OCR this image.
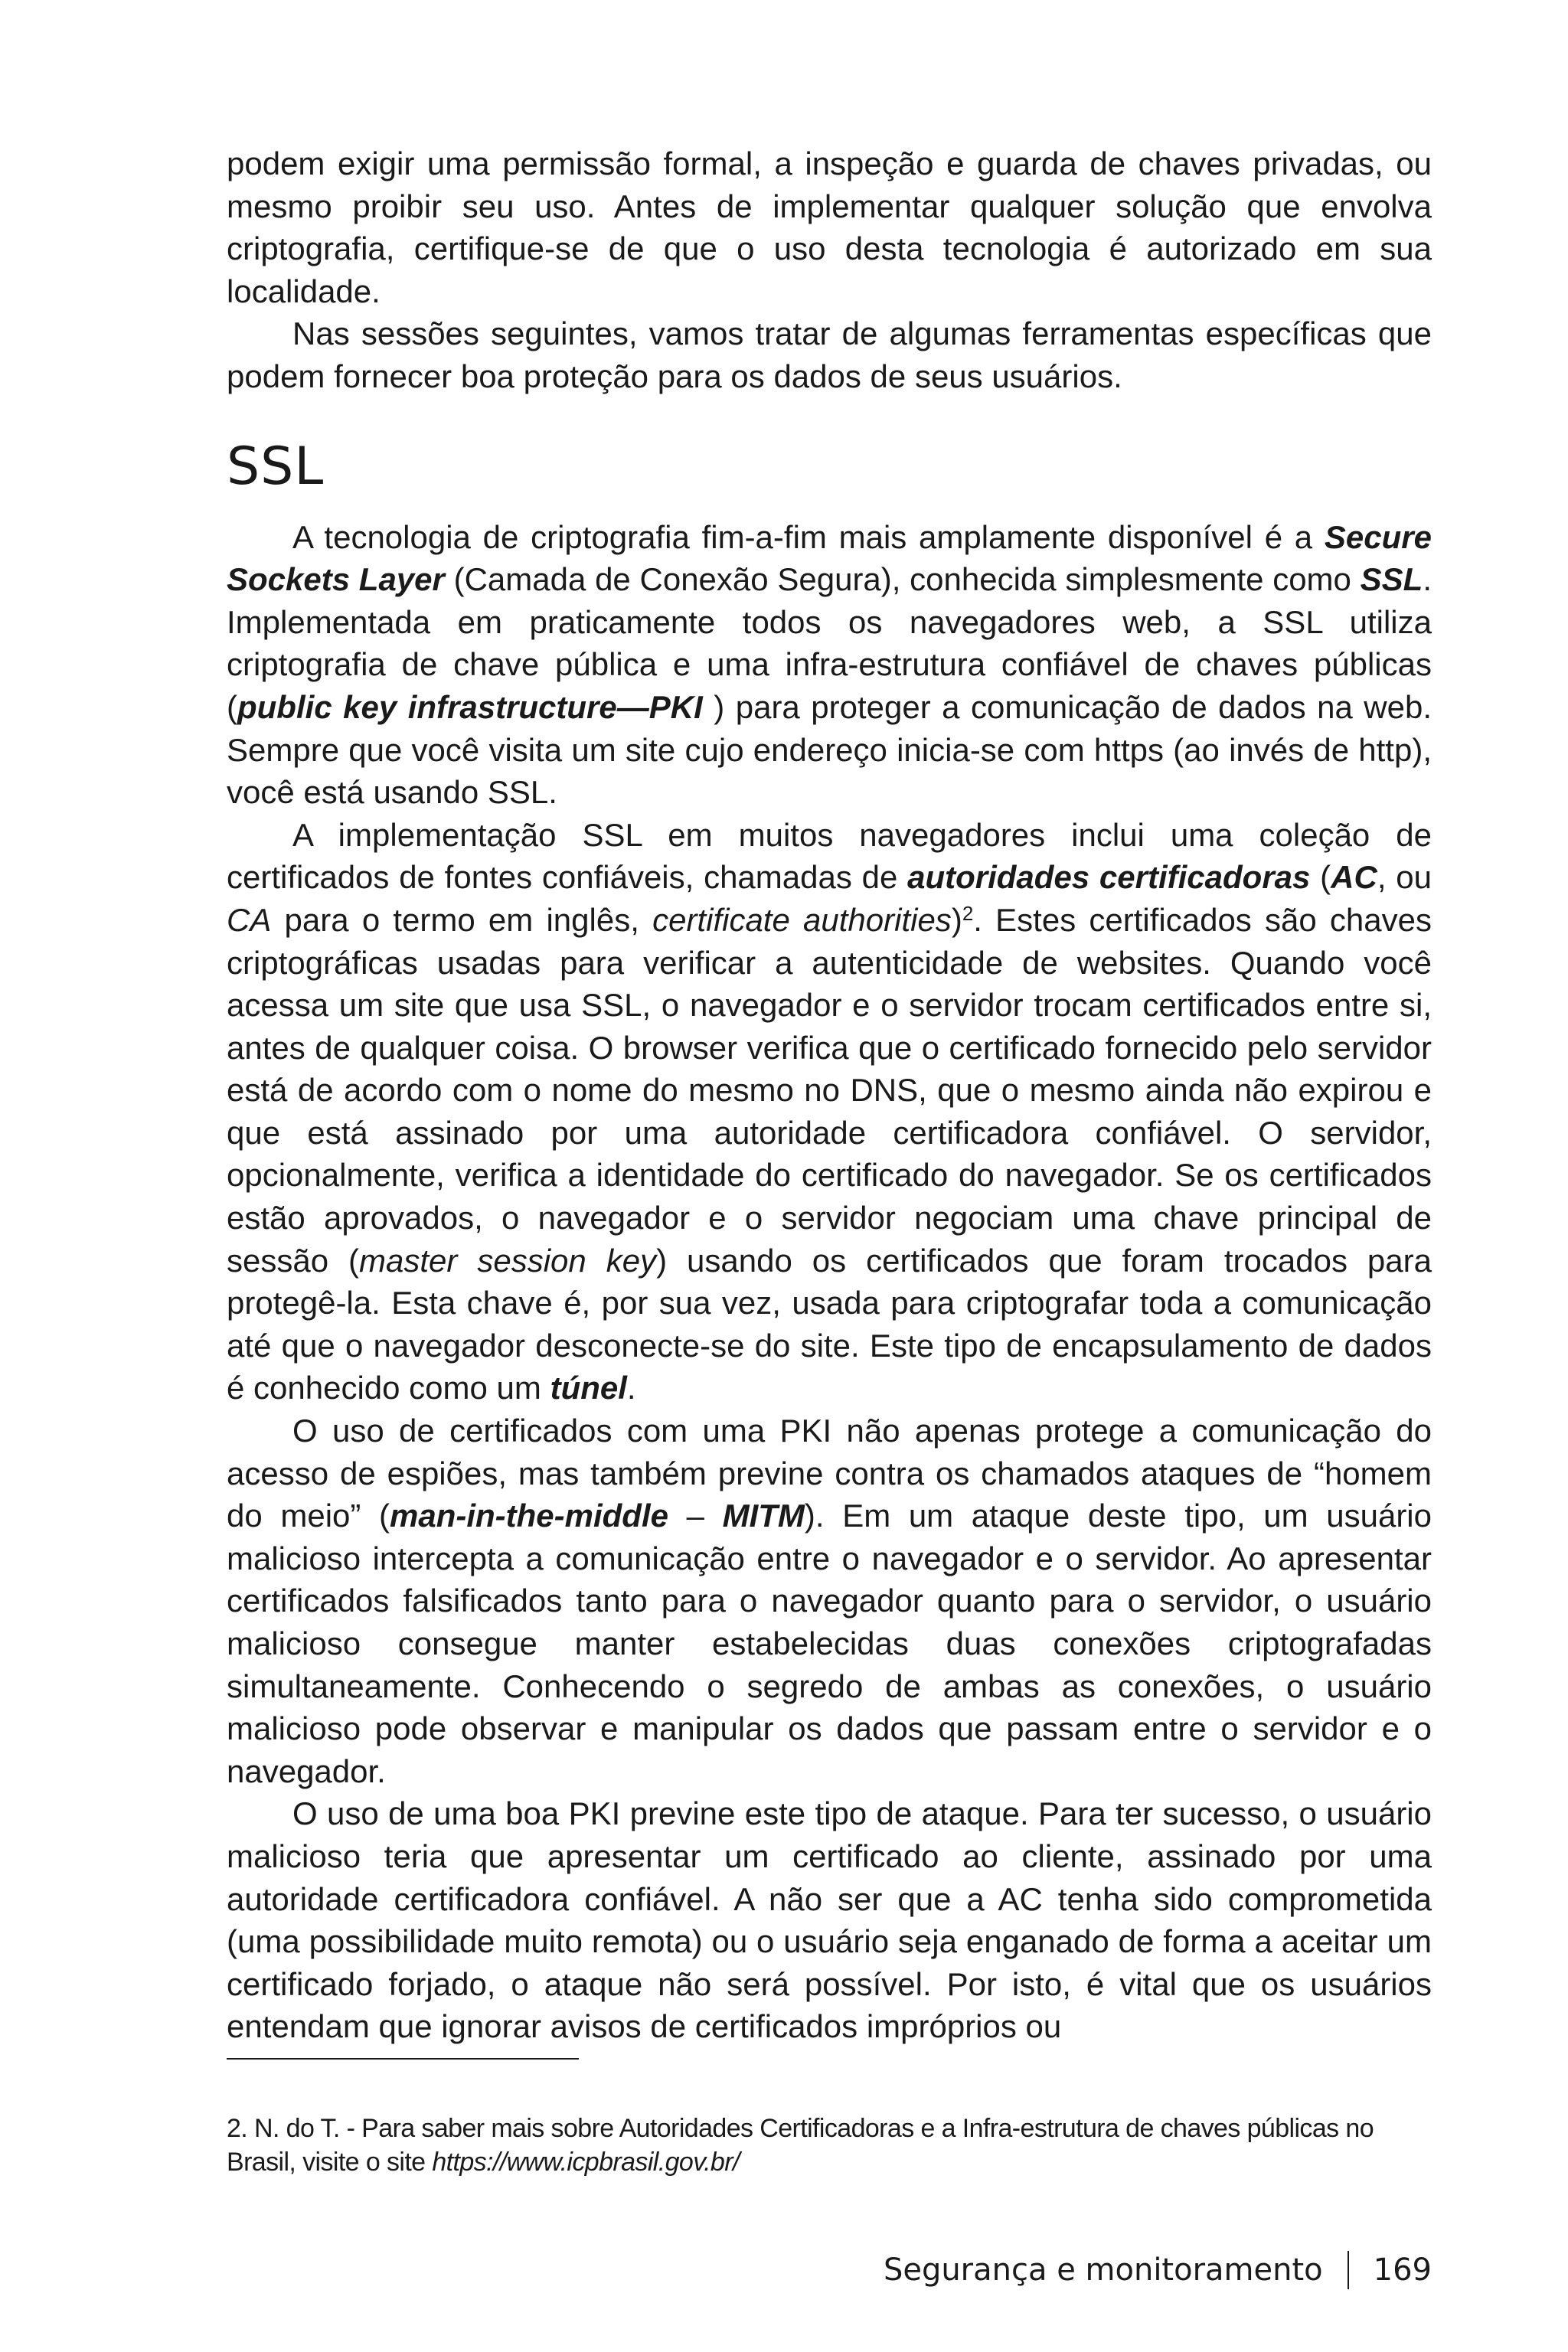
podem exigir uma permissão formal, a inspeção e guarda de chaves privadas, ou mesmo proibir seu uso. Antes de implementar qualquer solução que envolva criptografia, certifique-se de que o uso desta tecnologia é autorizado em sua localidade.

Nas sessões seguintes, vamos tratar de algumas ferramentas específicas que podem fornecer boa proteção para os dados de seus usuários.

SSL

A tecnologia de criptografia fim-a-fim mais amplamente disponível é a Secure Sockets Layer (Camada de Conexão Segura), conhecida simplesmente como SSL. Implementada em praticamente todos os navegadores web, a SSL utiliza criptografia de chave pública e uma infra-estrutura confiável de chaves públicas (public key infrastructure—PKI ) para proteger a comunicação de dados na web. Sempre que você visita um site cujo endereço inicia-se com https (ao invés de http), você está usando SSL.

A implementação SSL em muitos navegadores inclui uma coleção de certificados de fontes confiáveis, chamadas de autoridades certificadoras (AC, ou CA para o termo em inglês, certificate authorities)$^2$. Estes certificados são chaves criptográficas usadas para verificar a autenticidade de websites. Quando você acessa um site que usa SSL, o navegador e o servidor trocam certificados entre si, antes de qualquer coisa. O browser verifica que o certificado fornecido pelo servidor está de acordo com o nome do mesmo no DNS, que o mesmo ainda não expirou e que está assinado por uma autoridade certificadora confiável. O servidor, opcionalmente, verifica a identidade do certificado do navegador. Se os certificados estão aprovados, o navegador e o servidor negociam uma chave principal de sessão (master session key) usando os certificados que foram trocados para protegê-la. Esta chave é, por sua vez, usada para criptografar toda a comunicação até que o navegador desconecte-se do site. Este tipo de encapsulamento de dados é conhecido como um túnel.

O uso de certificados com uma PKI não apenas protege a comunicação do acesso de espiões, mas também previne contra os chamados ataques de “homem do meio” (man-in-the-middle – MITM). Em um ataque deste tipo, um usuário malicioso intercepta a comunicação entre o navegador e o servidor. Ao apresentar certificados falsificados tanto para o navegador quanto para o servidor, o usuário malicioso consegue manter estabelecidas duas conexões criptografadas simultaneamente. Conhecendo o segredo de ambas as conexões, o usuário malicioso pode observar e manipular os dados que passam entre o servidor e o navegador.

O uso de uma boa PKI previne este tipo de ataque. Para ter sucesso, o usuário malicioso teria que apresentar um certificado ao cliente, assinado por uma autoridade certificadora confiável. A não ser que a AC tenha sido comprometida (uma possibilidade muito remota) ou o usuário seja enganado de forma a aceitar um certificado forjado, o ataque não será possível. Por isto, é vital que os usuários entendam que ignorar avisos de certificados impróprios ou

2. N. do T. - Para saber mais sobre Autoridades Certificadoras e a Infra-estrutura de chaves públicas no Brasil, visite o site https://www.icpbrasil.gov.br/

Segurança e monitoramento 169
